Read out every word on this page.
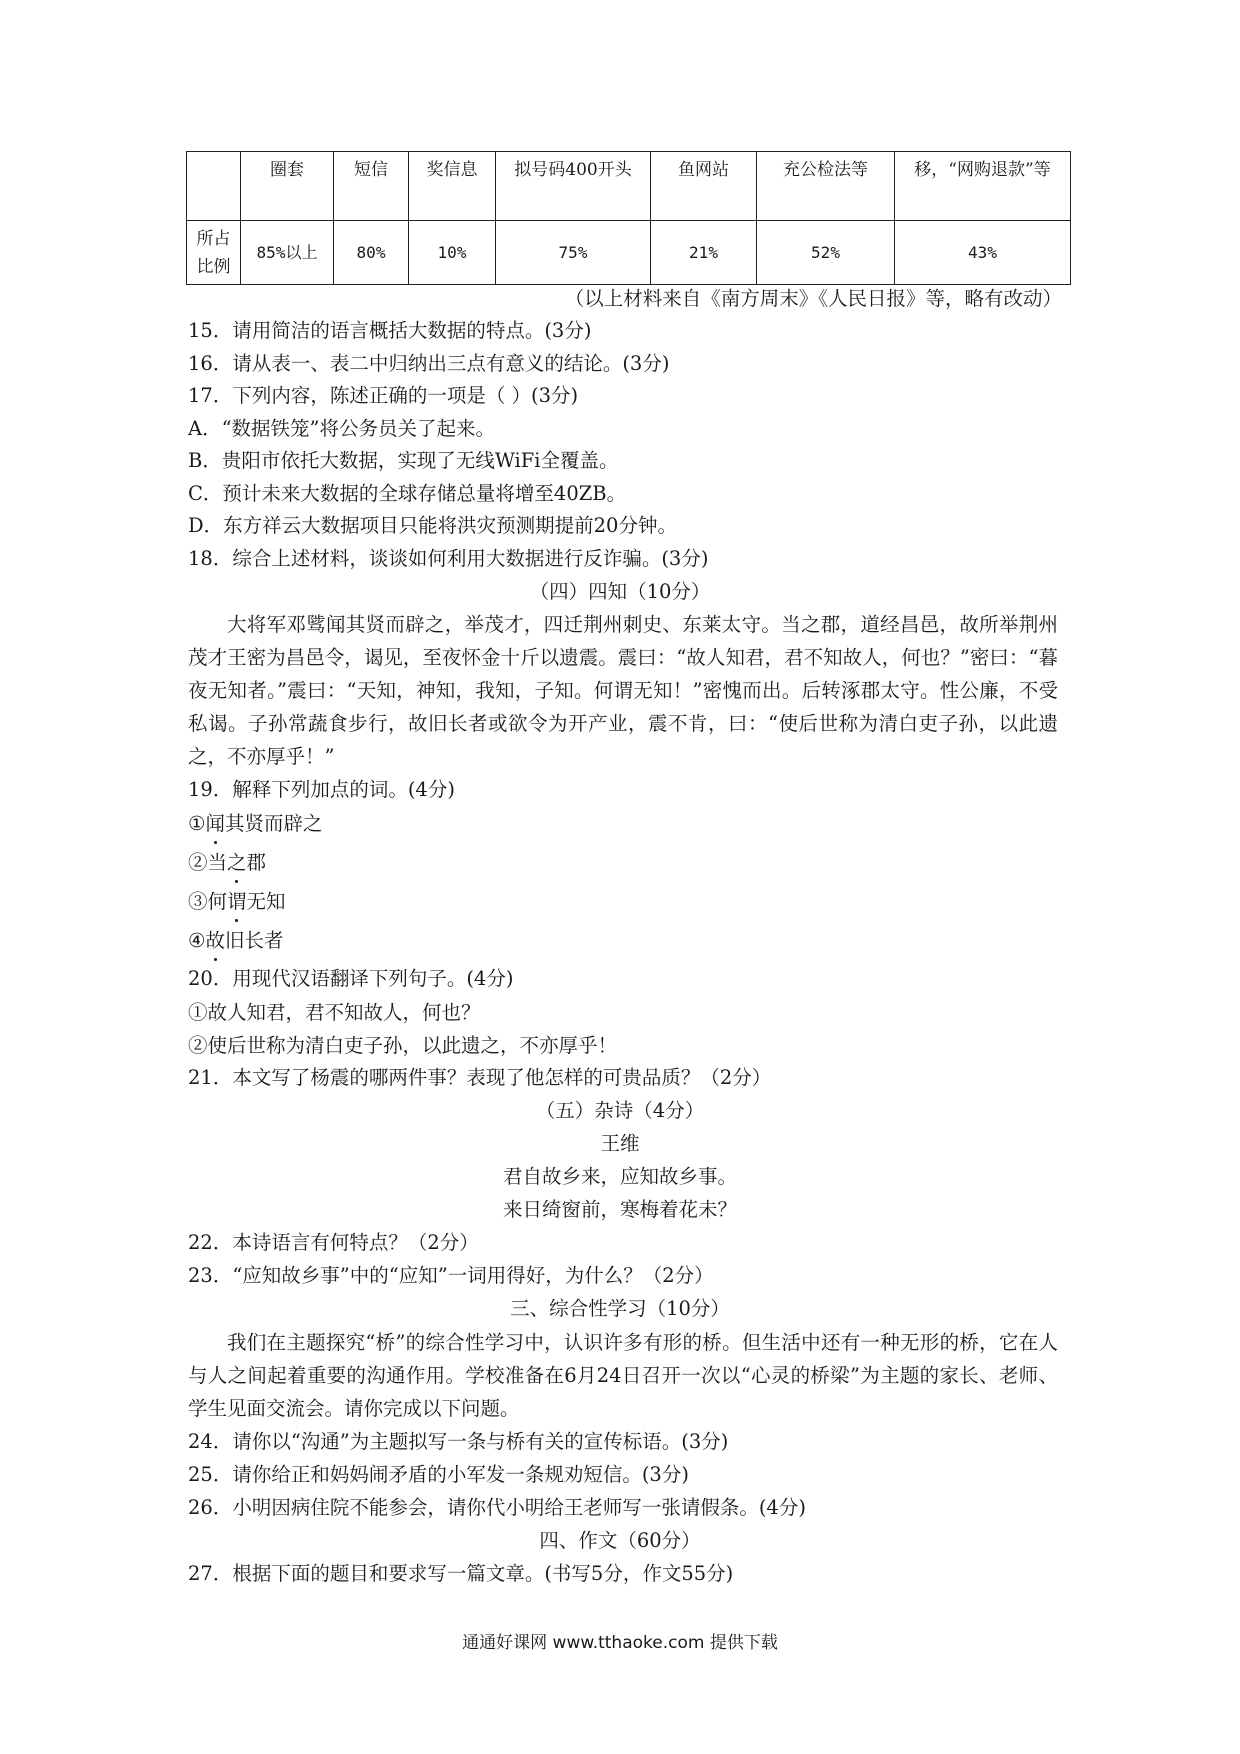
	圈套	短信	奖信息	拟号码400开头	鱼网站	充公检法等	移，“网购退款”等
所占比例	85%以上	80%	10%	75%	21%	52%	43%
（以上材料来自《南方周末》《人民日报》等，略有改动）
15．请用简洁的语言概括大数据的特点。(3分)
16．请从表一、表二中归纳出三点有意义的结论。(3分)
17．下列内容，陈述正确的一项是（ ）(3分)
A．“数据铁笼”将公务员关了起来。
B．贵阳市依托大数据，实现了无线WiFi全覆盖。
C．预计未来大数据的全球存储总量将增至40ZB。
D．东方祥云大数据项目只能将洪灾预测期提前20分钟。
18．综合上述材料，谈谈如何利用大数据进行反诈骗。(3分)
（四）四知（10分）
大将军邓骘闻其贤而辟之，举茂才，四迁荆州刺史、东莱太守。当之郡，道经昌邑，故所举荆州茂才王密为昌邑令，谒见，至夜怀金十斤以遗震。震曰：“故人知君，君不知故人，何也？”密曰：“暮夜无知者。”震曰：“天知，神知，我知，子知。何谓无知！”密愧而出。后转涿郡太守。性公廉，不受私谒。子孙常蔬食步行，故旧长者或欲令为开产业，震不肯，曰：“使后世称为清白吏子孙，以此遗之，不亦厚乎！”
19．解释下列加点的词。(4分)
①闻其贤而辟之
②当之郡
③何谓无知
④故旧长者
20．用现代汉语翻译下列句子。(4分)
①故人知君，君不知故人，何也？
②使后世称为清白吏子孙，以此遗之，不亦厚乎！
21．本文写了杨震的哪两件事？表现了他怎样的可贵品质？（2分）
（五）杂诗（4分）
王维
君自故乡来，应知故乡事。
来日绮窗前，寒梅着花未？
22．本诗语言有何特点？（2分）
23．“应知故乡事”中的“应知”一词用得好，为什么？（2分）
三、综合性学习（10分）
我们在主题探究“桥”的综合性学习中，认识许多有形的桥。但生活中还有一种无形的桥，它在人与人之间起着重要的沟通作用。学校准备在6月24日召开一次以“心灵的桥梁”为主题的家长、老师、学生见面交流会。请你完成以下问题。
24．请你以“沟通”为主题拟写一条与桥有关的宣传标语。(3分)
25．请你给正和妈妈闹矛盾的小军发一条规劝短信。(3分)
26．小明因病住院不能参会，请你代小明给王老师写一张请假条。(4分)
四、作文（60分）
27．根据下面的题目和要求写一篇文章。(书写5分，作文55分)
通通好课网 www.tthaoke.com 提供下载
